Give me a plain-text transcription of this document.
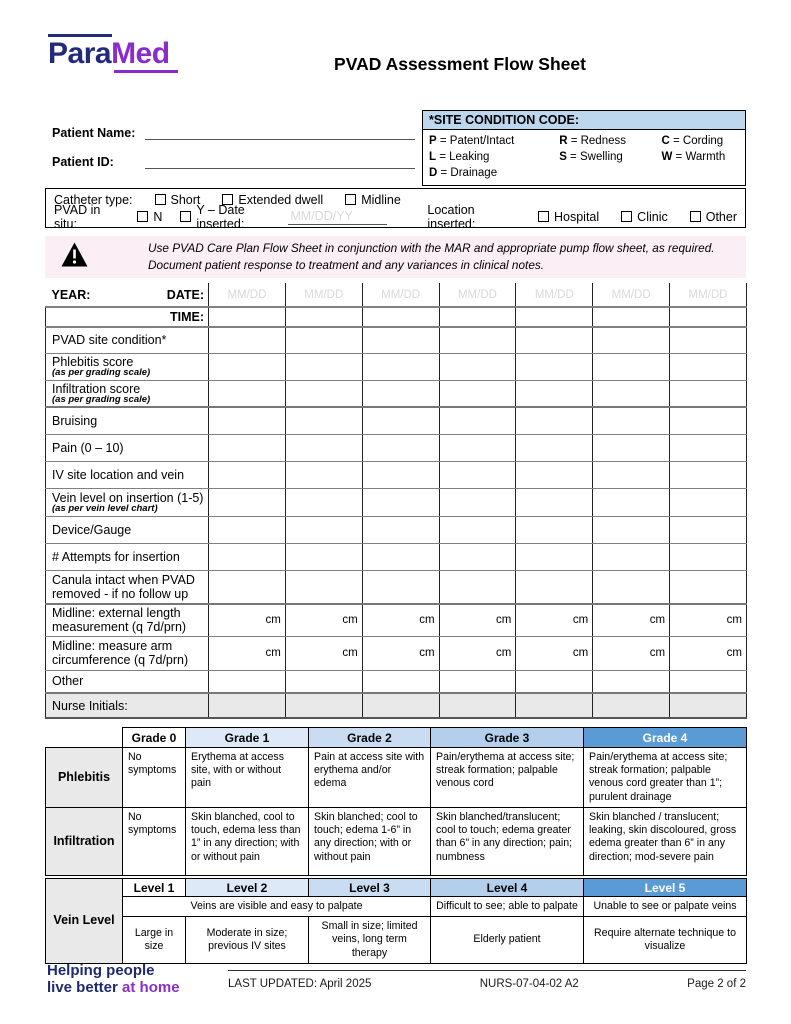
ParaMed	PVAD Assessment Flow Sheet
Patient Name:
Patient ID:
*SITE CONDITION CODE:
P = Patent/Intact
L = Leaking
D = Drainage
R = Redness
S = Swelling
C = Cording
W = Warmth
Catheter type:	Short	Extended dwell	Midline
PVAD in situ:	N	Y – Date inserted:
MM/DD/YY	Location inserted:	Hospital	Clinic	Other
Use PVAD Care Plan Flow Sheet in conjunction with the MAR and appropriate pump flow sheet, as required.
Document patient response to treatment and any variances in clinical notes.
YEAR: DATE:	MM/DD	MM/DD	MM/DD	MM/DD	MM/DD	MM/DD	MM/DD
TIME:							
PVAD site condition*							
Phlebitis score
(as per grading scale)							

Infiltration score
(as per grading scale)							

Bruising							
Pain (0 – 10)							
IV site location and vein							
Vein level on insertion (1-5)
(as per vein level chart)							

Device/Gauge							
# Attempts for insertion							
Canula intact when PVAD removed - if no follow up							
Midline: external length measurement (q 7d/prn)	cm	cm	cm	cm	cm	cm	cm
Midline: measure arm circumference (q 7d/prn)	cm	cm	cm	cm	cm	cm	cm
Other							
Nurse Initials:							
	Grade 0	Grade 1	Grade 2	Grade 3	Grade 4
Phlebitis	No symptoms	Erythema at access site, with or without pain	Pain at access site with erythema and/or edema	Pain/erythema at access site; streak formation; palpable venous cord	Pain/erythema at access site; streak formation; palpable venous cord greater than 1”; purulent drainage
Infiltration	No symptoms	Skin blanched, cool to touch, edema less than 1” in any direction; with or without pain	Skin blanched; cool to touch; edema 1-6” in any direction; with or without pain	Skin blanched/translucent; cool to touch; edema greater than 6” in any direction; pain; numbness	Skin blanched / translucent; leaking, skin discoloured, gross edema greater than 6” in any direction; mod-severe pain
Vein Level	Level 1	Level 2	Level 3	Level 4	Level 5
	Veins are visible and easy to palpate			Difficult to see; able to palpate	Unable to see or palpate veins
	Large in size	Moderate in size; previous IV sites	Small in size; limited veins, long term therapy	Elderly patient	Require alternate technique to visualize
Helping people
live better at home	LAST UPDATED: April 2025	NURS-07-04-02 A2	Page 2 of 2
